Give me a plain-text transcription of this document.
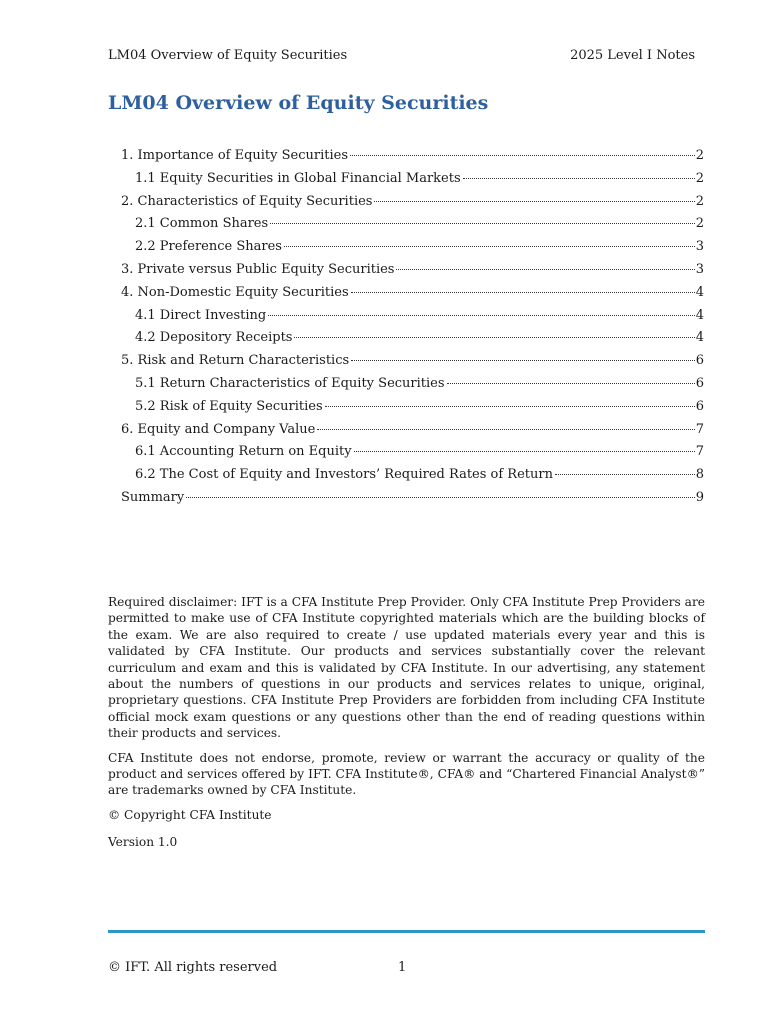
LM04 Overview of Equity Securities	2025 Level I Notes
LM04 Overview of Equity Securities
1. Importance of Equity Securities	2
1.1 Equity Securities in Global Financial Markets	2
2. Characteristics of Equity Securities	2
2.1 Common Shares	2
2.2 Preference Shares	3
3. Private versus Public Equity Securities	3
4. Non-Domestic Equity Securities	4
4.1 Direct Investing	4
4.2 Depository Receipts	4
5. Risk and Return Characteristics	6
5.1 Return Characteristics of Equity Securities	6
5.2 Risk of Equity Securities	6
6. Equity and Company Value	7
6.1 Accounting Return on Equity	7
6.2 The Cost of Equity and Investors’ Required Rates of Return	8
Summary	9

Required disclaimer: IFT is a CFA Institute Prep Provider. Only CFA Institute Prep Providers are permitted to make use of CFA Institute copyrighted materials which are the building blocks of the exam. We are also required to create / use updated materials every year and this is validated by CFA Institute. Our products and services substantially cover the relevant curriculum and exam and this is validated by CFA Institute. In our advertising, any statement about the numbers of questions in our products and services relates to unique, original, proprietary questions. CFA Institute Prep Providers are forbidden from including CFA Institute official mock exam questions or any questions other than the end of reading questions within their products and services.

CFA Institute does not endorse, promote, review or warrant the accuracy or quality of the product and services offered by IFT. CFA Institute®, CFA® and “Chartered Financial Analyst®” are trademarks owned by CFA Institute.

© Copyright CFA Institute

Version 1.0
© IFT. All rights reserved	1
